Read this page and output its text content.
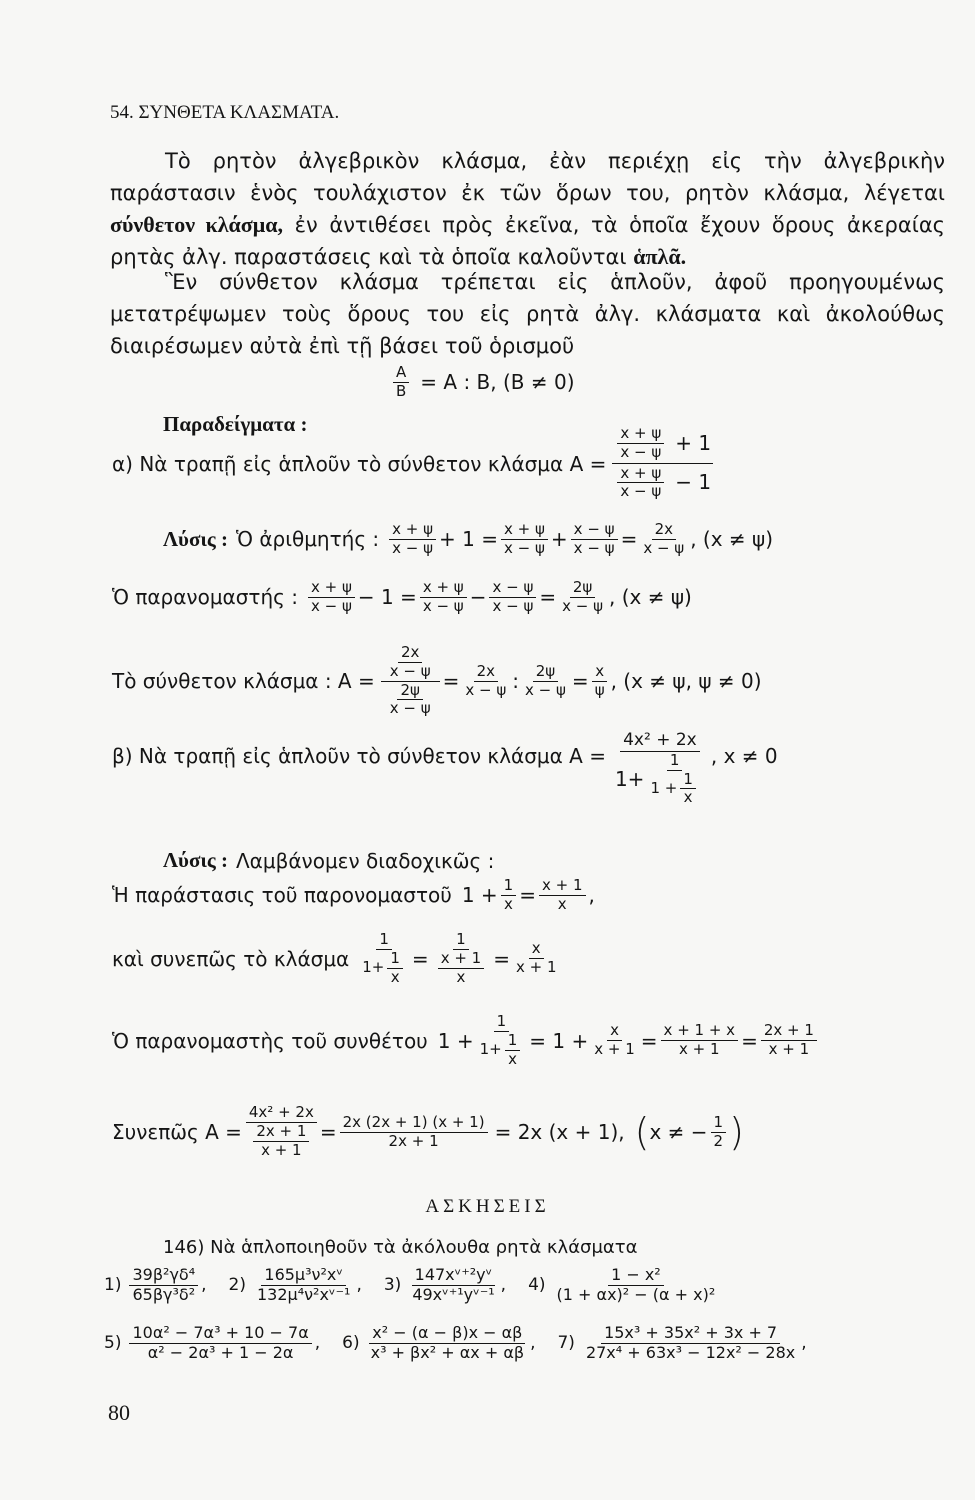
54. ΣΥΝΘΕΤΑ ΚΛΑΣΜΑΤΑ.
Τὸ ρητὸν ἀλγεβρικὸν κλάσμα, ἐὰν περιέχῃ εἰς τὴν ἀλγεβρικὴν παράστασιν ἑνὸς τουλάχιστον ἐκ τῶν ὅρων του, ρητὸν κλάσμα, λέγεται σύνθετον κλάσμα, ἐν ἀντιθέσει πρὸς ἐκεῖνα, τὰ ὁποῖα ἔχουν ὅρους ἀκεραίας ρητὰς ἀλγ. παραστάσεις καὶ τὰ ὁποῖα καλοῦνται ἁπλᾶ.
Ἓν σύνθετον κλάσμα τρέπεται εἰς ἁπλοῦν, ἀφοῦ προηγουμένως μετατρέψωμεν τοὺς ὅρους του εἰς ρητὰ ἀλγ. κλάσματα καὶ ἀκολούθως διαιρέσωμεν αὐτὰ ἐπὶ τῇ βάσει τοῦ ὁρισμοῦ
$\frac{A}{B} = A$ : B, (B ≠ 0)
Παραδείγματα :
α) Νὰ τραπῇ εἰς ἁπλοῦν τὸ σύνθετον κλάσμα $A = \frac{\frac{x + \psi}{x - \psi} + 1}{\frac{x + \psi}{x - \psi} - 1}$
Λύσις : Ὁ ἀριθμητής : $\frac{x + \psi}{x - \psi} + 1 = \frac{x + \psi}{x - \psi} + \frac{x - \psi}{x - \psi} = \frac{2x}{x - \psi}$ , (x ≠ ψ)
Ὁ παρανομαστής : $\frac{x + \psi}{x - \psi} - 1 = \frac{x + \psi}{x - \psi} - \frac{x - \psi}{x - \psi} = \frac{2\psi}{x - \psi}$ , (x ≠ ψ)
Τὸ σύνθετον κλάσμα : $A = \frac{\frac{2x}{x - \psi}}{\frac{2\psi}{x - \psi}} = \frac{2x}{x - \psi}$ : $\frac{2\psi}{x - \psi} = \frac{x}{\psi}$ , (x ≠ ψ, ψ ≠ 0)
β) Νὰ τραπῇ εἰς ἁπλοῦν τὸ σύνθετον κλάσμα $A = \frac{\text{4x² + 2x}}{1+ \frac{1}{1 + \frac{1}{x}}}$ , x ≠ 0
Λύσις : Λαμβάνομεν διαδοχικῶς :
Ἡ παράστασις τοῦ παρονομαστοῦ $1 + \frac{1}{x} = \frac{x + 1}{x}$ ,
καὶ συνεπῶς τὸ κλάσμα $\frac{1}{1+ \frac{1}{x}} = \frac{1}{\frac{x + 1}{x}} = \frac{x}{x + 1}$
Ὁ παρανομαστὴς τοῦ συνθέτου $1 + \frac{1}{1+ \frac{1}{x}} = 1 + \frac{x}{x + 1} = \frac{x + 1 + x}{x + 1} = \frac{2x + 1}{x + 1}$
Συνεπῶς $A = \frac{\text{4x² + 2x}}{\frac{2x + 1}{x + 1}} = \frac{2x (2x + 1) (x + 1)}{2x + 1} = 2x$ (x + 1), ( x ≠ − $\frac{1}{2}$ )
ΑΣΚΗΣΕΙΣ
146) Νὰ ἁπλοποιηθοῦν τὰ ἀκόλουθα ρητὰ κλάσματα
$1) \frac{\text{39β²γδ⁴}}{\text{65βγ³δ²}}$ , $2) \frac{\text{165μ³ν²xᵛ}}{\text{132μ⁴ν²xᵛ⁻¹}}$ , $3) \frac{\text{147xᵛ⁺²yᵛ}}{\text{49xᵛ⁺¹yᵛ⁻¹}}$ , $4) \frac{\text{1 − x²}}{\text{(1 + αx)² − (α + x)²}}$
$5) \frac{\text{10α² − 7α³ + 10 − 7α}}{\text{α² − 2α³ + 1 − 2α}}$ , $6) \frac{\text{x² − (α − β)x − αβ}}{\text{x³ + βx² + αx + αβ}}$ , $7) \frac{\text{15x³ + 35x² + 3x + 7}}{\text{27x⁴ + 63x³ − 12x² − 28x}}$ ,
80
